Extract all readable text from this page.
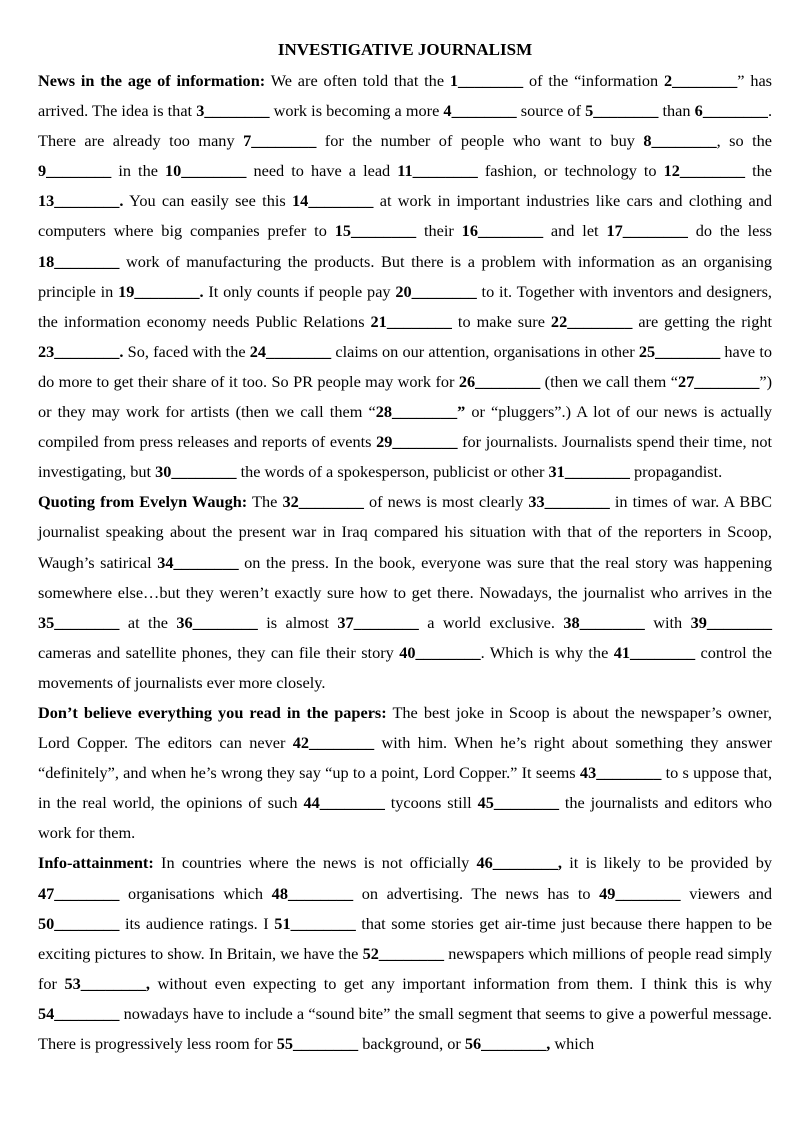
INVESTIGATIVE JOURNALISM

News in the age of information: We are often told that the 1________ of the “information 2________” has arrived. The idea is that 3________ work is becoming a more 4________ source of 5________ than 6________. There are already too many 7________ for the number of people who want to buy 8________, so the 9________ in the 10________ need to have a lead 11________ fashion, or technology to 12________ the 13________. You can easily see this 14________ at work in important industries like cars and clothing and computers where big companies prefer to 15________ their 16________ and let 17________ do the less 18________ work of manufacturing the products. But there is a problem with information as an organising principle in 19________. It only counts if people pay 20________ to it. Together with inventors and designers, the information economy needs Public Relations 21________ to make sure 22________ are getting the right 23________. So, faced with the 24________ claims on our attention, organisations in other 25________ have to do more to get their share of it too. So PR people may work for 26________ (then we call them “27________”) or they may work for artists (then we call them “28________” or “pluggers”.) A lot of our news is actually compiled from press releases and reports of events 29________ for journalists. Journalists spend their time, not investigating, but 30________ the words of a spokesperson, publicist or other 31________ propagandist.

Quoting from Evelyn Waugh: The 32________ of news is most clearly 33________ in times of war. A BBC journalist speaking about the present war in Iraq compared his situation with that of the reporters in Scoop, Waugh’s satirical 34________ on the press. In the book, everyone was sure that the real story was happening somewhere else…but they weren’t exactly sure how to get there. Nowadays, the journalist who arrives in the 35________ at the 36________ is almost 37________ a world exclusive. 38________ with 39________ cameras and satellite phones, they can file their story 40________. Which is why the 41________ control the movements of journalists ever more closely.

Don’t believe everything you read in the papers: The best joke in Scoop is about the newspaper’s owner, Lord Copper. The editors can never 42________ with him. When he’s right about something they answer “definitely”, and when he’s wrong they say “up to a point, Lord Copper.” It seems 43________ to s uppose that, in the real world, the opinions of such 44________ tycoons still 45________ the journalists and editors who work for them.

Info-attainment: In countries where the news is not officially 46________, it is likely to be provided by 47________ organisations which 48________ on advertising. The news has to 49________ viewers and 50________ its audience ratings. I 51________ that some stories get air-time just because there happen to be exciting pictures to show. In Britain, we have the 52________ newspapers which millions of people read simply for 53________, without even expecting to get any important information from them. I think this is why 54________ nowadays have to include a “sound bite” the small segment that seems to give a powerful message. There is progressively less room for 55________ background, or 56________, which
